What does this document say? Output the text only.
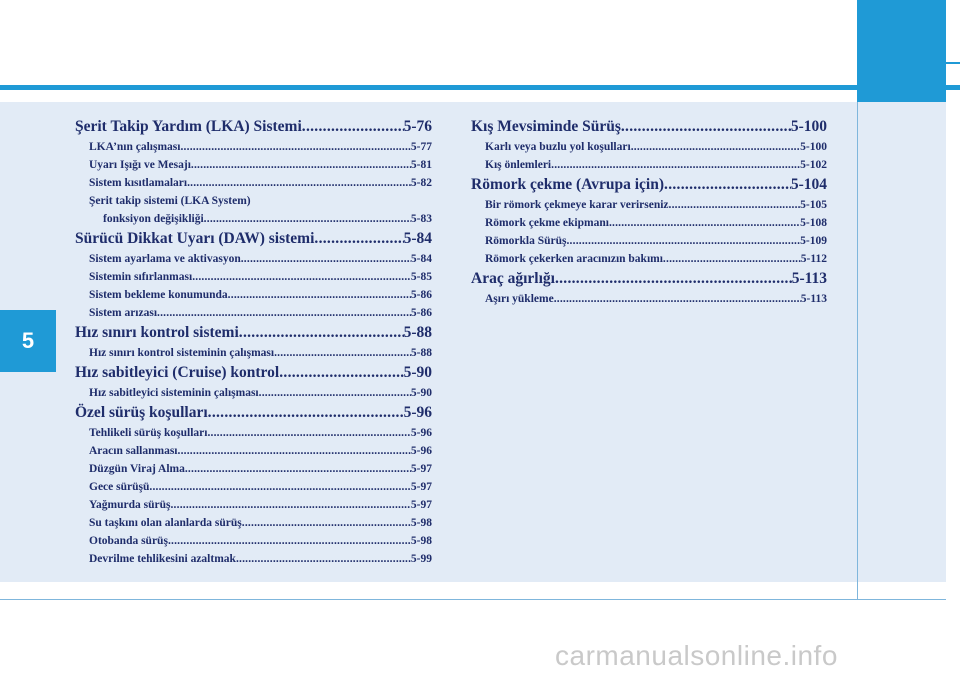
5
Şerit Takip Yardım (LKA) Sistemi .....	5-76
LKA’nın çalışması .....	5-77
Uyarı Işığı ve Mesajı .....	5-81
Sistem kısıtlamaları .....	5-82
Şerit takip sistemi (LKA System)
fonksiyon değişikliği .....	5-83
Sürücü Dikkat Uyarı (DAW) sistemi .....	5-84
Sistem ayarlama ve aktivasyon .....	5-84
Sistemin sıfırlanması .....	5-85
Sistem bekleme konumunda .....	5-86
Sistem arızası .....	5-86
Hız sınırı kontrol sistemi .....	5-88
Hız sınırı kontrol sisteminin çalışması .....	5-88
Hız sabitleyici (Cruise) kontrol .....	5-90
Hız sabitleyici sisteminin çalışması .....	5-90
Özel sürüş koşulları .....	5-96
Tehlikeli sürüş koşulları .....	5-96
Aracın sallanması .....	5-96
Düzgün Viraj Alma .....	5-97
Gece sürüşü .....	5-97
Yağmurda sürüş .....	5-97
Su taşkını olan alanlarda sürüş .....	5-98
Otobanda sürüş .....	5-98
Devrilme tehlikesini azaltmak .....	5-99
Kış Mevsiminde Sürüş .....	5-100
Karlı veya buzlu yol koşulları .....	5-100
Kış önlemleri .....	5-102
Römork çekme (Avrupa için) .....	5-104
Bir römork çekmeye karar verirseniz .....	5-105
Römork çekme ekipmanı .....	5-108
Römorkla Sürüş .....	5-109
Römork çekerken aracınızın bakımı .....	5-112
Araç ağırlığı .....	5-113
Aşırı yükleme .....	5-113
carmanualsonline.info
